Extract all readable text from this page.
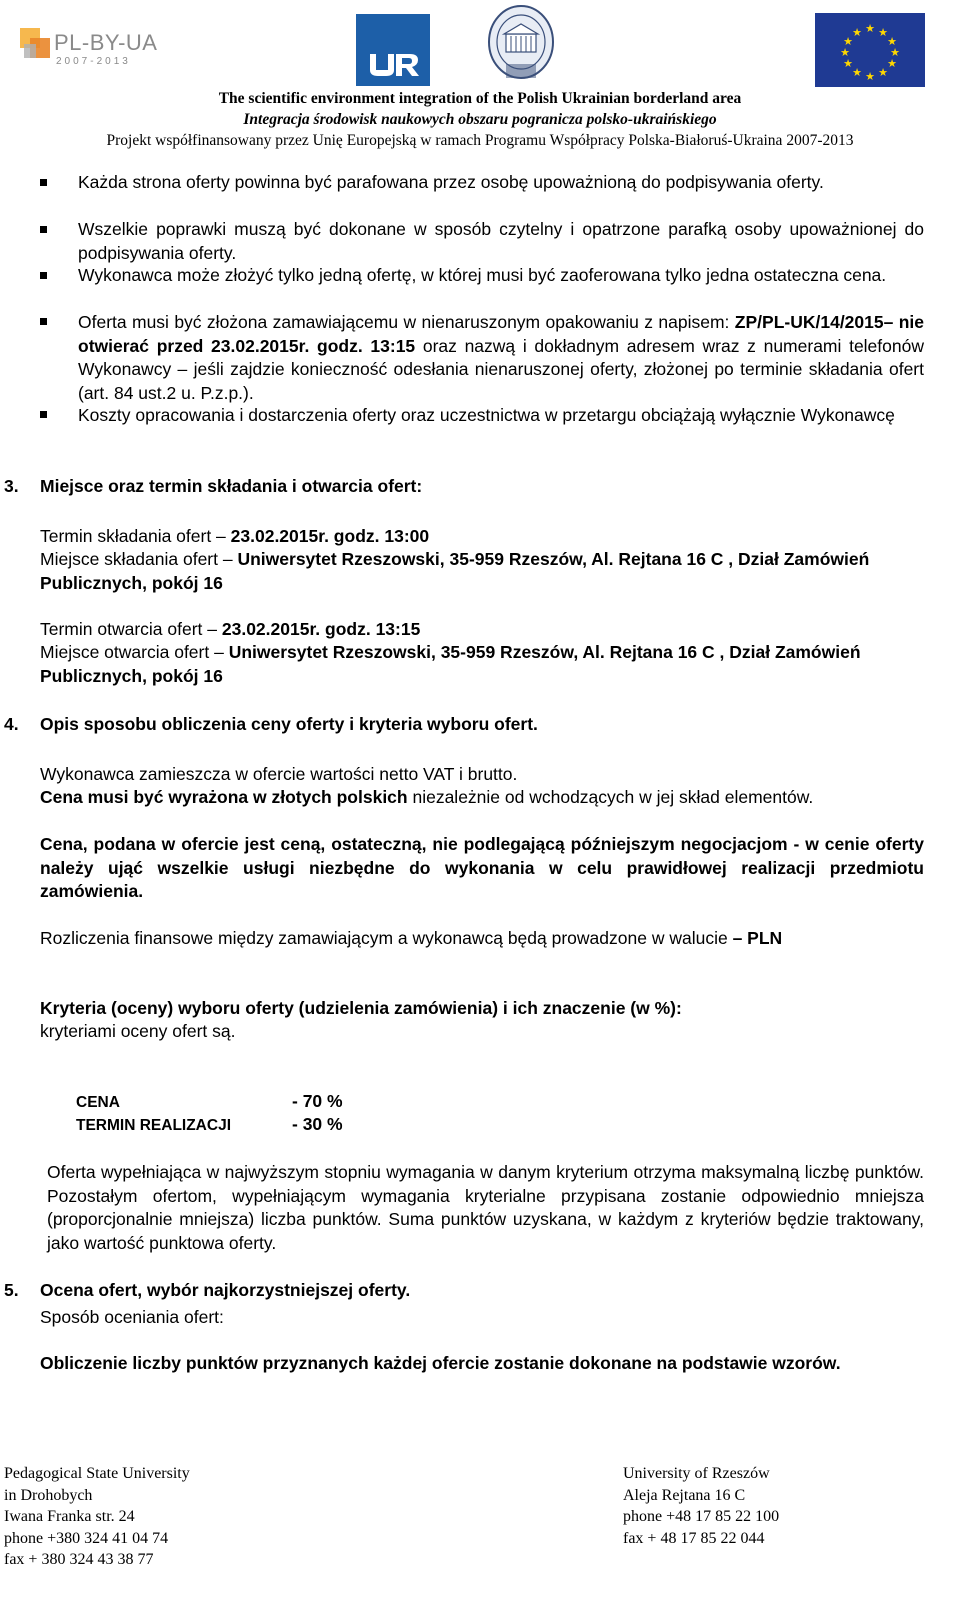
PL-BY-UA
2007-2013
★ ★
★
★
★
★
★
★
★
★
★
★
The scientific environment integration of the Polish Ukrainian borderland area
Integracja środowisk naukowych obszaru pogranicza polsko-ukraińskiego
Projekt współfinansowany przez Unię Europejską w ramach Programu Współpracy Polska-Białoruś-Ukraina 2007-2013
Każda strona oferty powinna być parafowana przez osobę upoważnioną do podpisywania oferty.
Wszelkie poprawki muszą być dokonane w sposób czytelny i opatrzone parafką osoby upoważnionej do podpisywania oferty.
Wykonawca może złożyć tylko jedną ofertę, w której musi być zaoferowana tylko jedna ostateczna cena.
Oferta musi być złożona zamawiającemu w nienaruszonym opakowaniu z napisem: ZP/PL-UK/14/2015– nie otwierać przed 23.02.2015r. godz. 13:15 oraz nazwą i dokładnym adresem wraz z numerami telefonów Wykonawcy – jeśli zajdzie konieczność odesłania nienaruszonej oferty, złożonej po terminie składania ofert (art. 84 ust.2 u. P.z.p.).
Koszty opracowania i dostarczenia oferty oraz uczestnictwa w przetargu obciążają wyłącznie Wykonawcę
3. Miejsce oraz termin składania i otwarcia ofert:
Termin składania ofert – 23.02.2015r. godz. 13:00
Miejsce składania ofert – Uniwersytet Rzeszowski, 35-959 Rzeszów, Al. Rejtana 16 C , Dział Zamówień Publicznych, pokój 16
Termin otwarcia ofert – 23.02.2015r. godz. 13:15
Miejsce otwarcia ofert – Uniwersytet Rzeszowski, 35-959 Rzeszów, Al. Rejtana 16 C , Dział Zamówień Publicznych, pokój 16
4. Opis sposobu obliczenia ceny oferty i kryteria wyboru ofert.
Wykonawca zamieszcza w ofercie wartości netto VAT i brutto.
Cena musi być wyrażona w złotych polskich niezależnie od wchodzących w jej skład elementów.
Cena, podana w ofercie jest ceną, ostateczną, nie podlegającą późniejszym negocjacjom - w cenie oferty należy ująć wszelkie usługi niezbędne do wykonania w celu prawidłowej realizacji przedmiotu zamówienia.
Rozliczenia finansowe między zamawiającym a wykonawcą będą prowadzone w walucie – PLN
Kryteria (oceny) wyboru oferty (udzielenia zamówienia) i ich znaczenie (w %):
kryteriami oceny ofert są.
CENA	- 70 %
TERMIN REALIZACJI	- 30 %
Oferta wypełniająca w najwyższym stopniu wymagania w danym kryterium otrzyma maksymalną liczbę punktów. Pozostałym ofertom, wypełniającym wymagania kryterialne przypisana zostanie odpowiednio mniejsza (proporcjonalnie mniejsza) liczba punktów. Suma punktów uzyskana, w każdym z kryteriów będzie traktowany, jako wartość punktowa oferty.
5. Ocena ofert, wybór najkorzystniejszej oferty.
Sposób oceniania ofert:
Obliczenie liczby punktów przyznanych każdej ofercie zostanie dokonane na podstawie wzorów.
Pedagogical State University
in Drohobych
Iwana Franka str. 24
phone +380 324 41 04 74
fax + 380 324 43 38 77
University of Rzeszów
Aleja Rejtana 16 C
phone +48 17 85 22 100
fax + 48 17 85 22 044
